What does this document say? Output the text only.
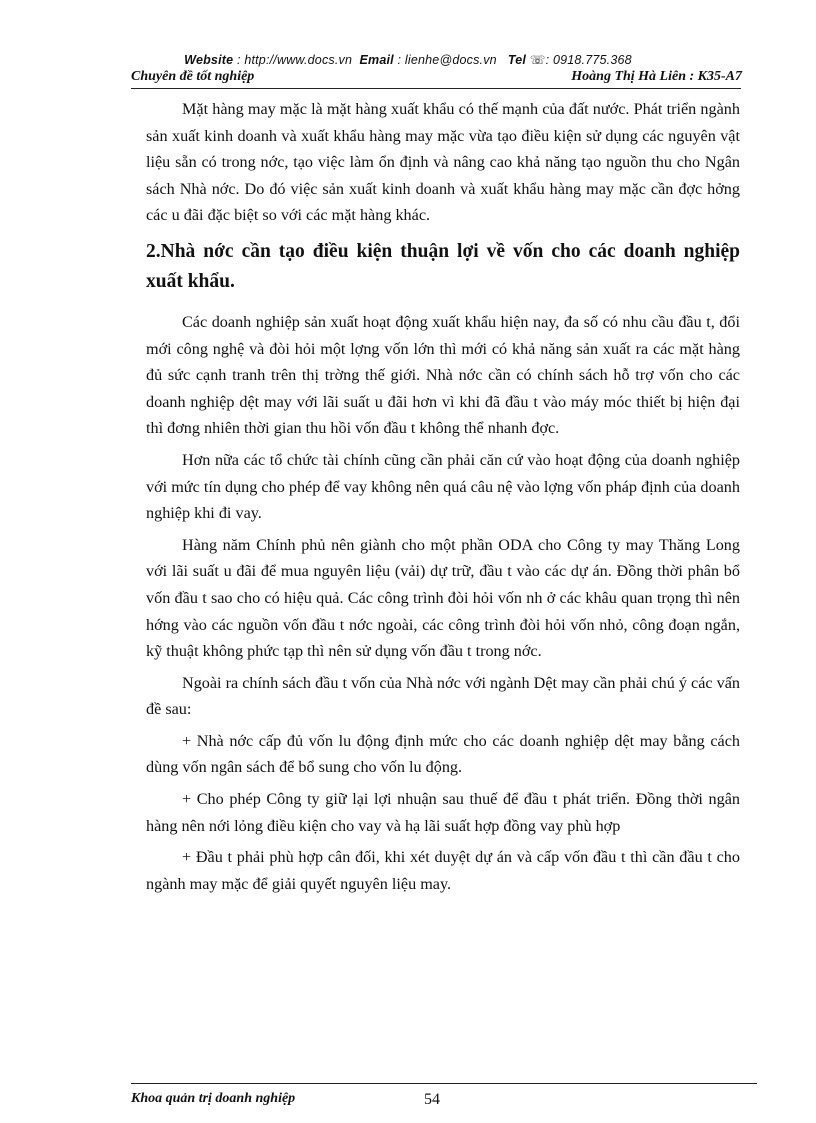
Website : http://www.docs.vn Email : lienhe@docs.vn Tel ☏: 0918.775.368
Chuyên đề tốt nghiệp	Hoàng Thị Hà Liên : K35-A7

Mặt hàng may mặc là mặt hàng xuất khẩu có thế mạnh của đất nước. Phát triển ngành sản xuất kinh doanh và xuất khẩu hàng may mặc vừa tạo điều kiện sử dụng các nguyên vật liệu sẵn có trong nớc, tạo việc làm ổn định và nâng cao khả năng tạo nguồn thu cho Ngân sách Nhà nớc. Do đó việc sản xuất kinh doanh và xuất khẩu hàng may mặc cần đợc hởng các u đãi đặc biệt so với các mặt hàng khác.

2.Nhà nớc cần tạo điều kiện thuận lợi về vốn cho các doanh nghiệp xuất khẩu.

Các doanh nghiệp sản xuất hoạt động xuất khẩu hiện nay, đa số có nhu cầu đầu t, đổi mới công nghệ và đòi hỏi một lợng vốn lớn thì mới có khả năng sản xuất ra các mặt hàng đủ sức cạnh tranh trên thị trờng thế giới. Nhà nớc cần có chính sách hỗ trợ vốn cho các doanh nghiệp dệt may với lãi suất u đãi hơn vì khi đã đầu t vào máy móc thiết bị hiện đại thì đơng nhiên thời gian thu hồi vốn đầu t không thể nhanh đợc.

Hơn nữa các tổ chức tài chính cũng cần phải căn cứ vào hoạt động của doanh nghiệp với mức tín dụng cho phép để vay không nên quá câu nệ vào lợng vốn pháp định của doanh nghiệp khi đi vay.

Hàng năm Chính phủ nên giành cho một phần ODA cho Công ty may Thăng Long với lãi suất u đãi để mua nguyên liệu (vải) dự trữ, đầu t vào các dự án. Đồng thời phân bổ vốn đầu t sao cho có hiệu quả. Các công trình đòi hỏi vốn nh ở các khâu quan trọng thì nên hớng vào các nguồn vốn đầu t nớc ngoài, các công trình đòi hỏi vốn nhỏ, công đoạn ngắn, kỹ thuật không phức tạp thì nên sử dụng vốn đầu t trong nớc.

Ngoài ra chính sách đầu t vốn của Nhà nớc với ngành Dệt may cần phải chú ý các vấn đề sau:

+ Nhà nớc cấp đủ vốn lu động định mức cho các doanh nghiệp dệt may bằng cách dùng vốn ngân sách để bổ sung cho vốn lu động.

+ Cho phép Công ty giữ lại lợi nhuận sau thuế để đầu t phát triển. Đồng thời ngân hàng nên nới lỏng điều kiện cho vay và hạ lãi suất hợp đồng vay phù hợp

+ Đầu t phải phù hợp cân đối, khi xét duyệt dự án và cấp vốn đầu t thì cần đầu t cho ngành may mặc để giải quyết nguyên liệu may.

Khoa quản trị doanh nghiệp	54
